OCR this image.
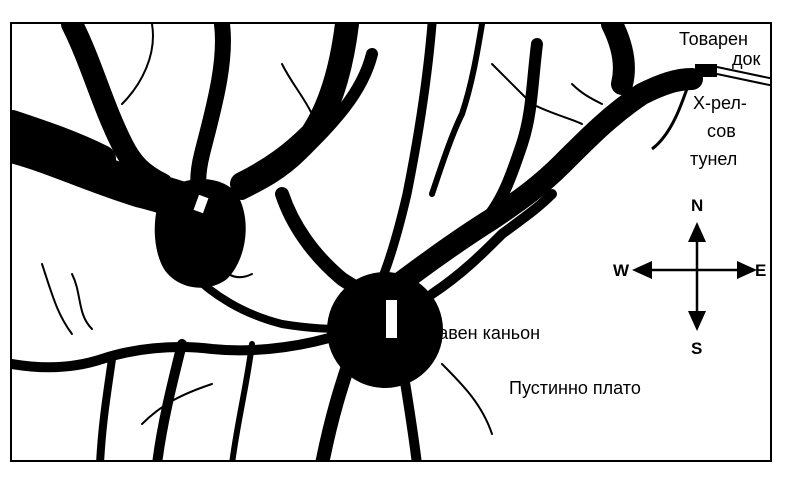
Товарен
док
Х-рел-
сов
тунел
Главен каньон
Пустинно плато
N
S
W	E
